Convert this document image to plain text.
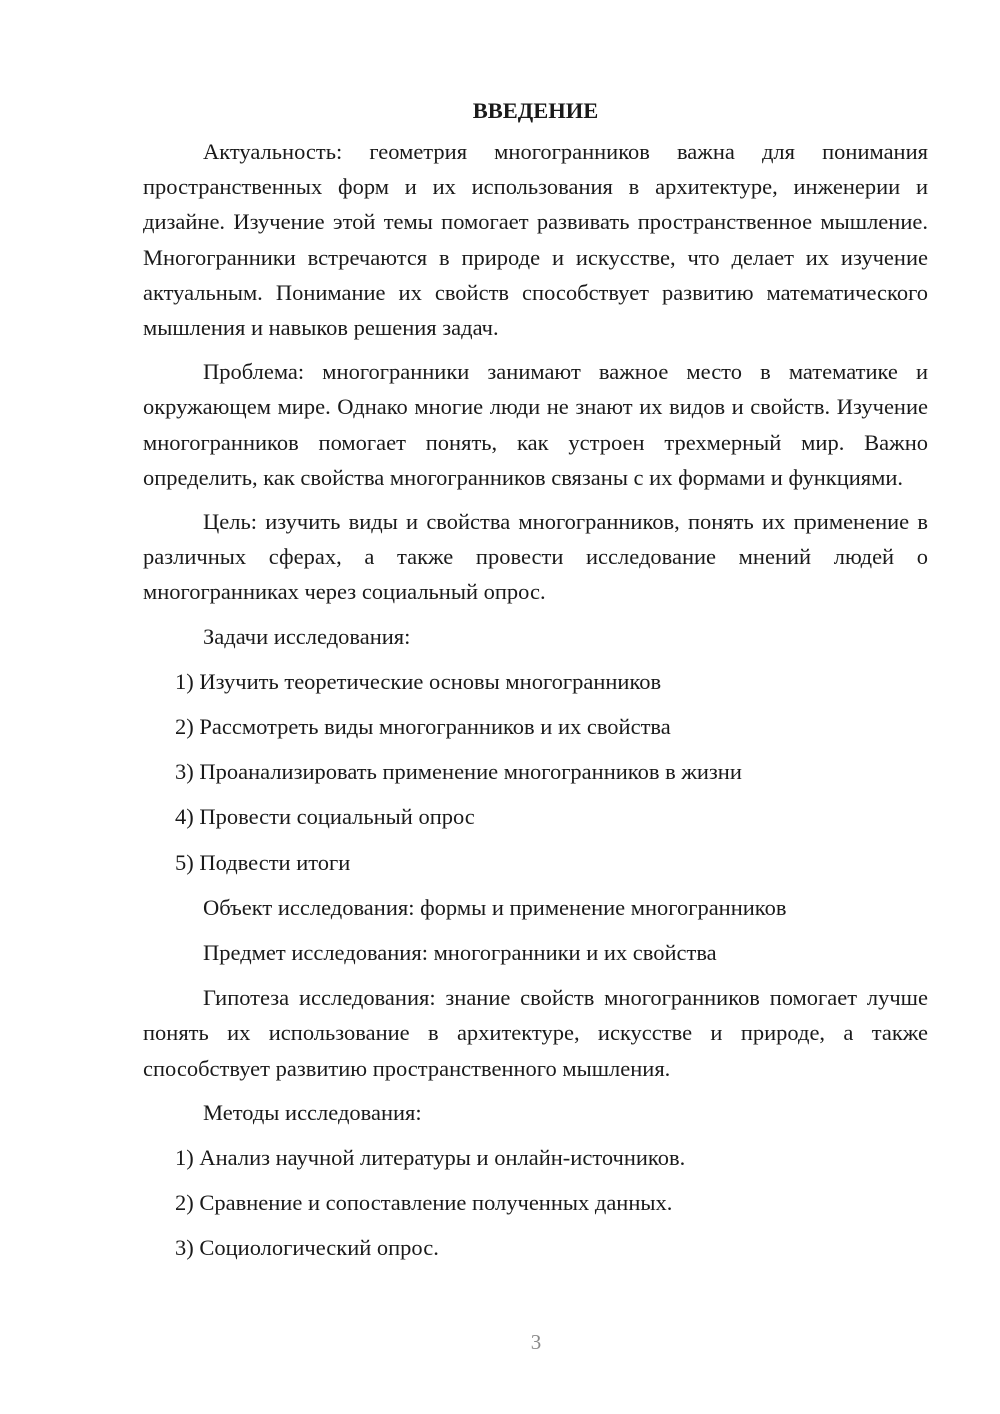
ВВЕДЕНИЕ
Актуальность: геометрия многогранников важна для понимания пространственных форм и их использования в архитектуре, инженерии и дизайне. Изучение этой темы помогает развивать пространственное мышление. Многогранники встречаются в природе и искусстве, что делает их изучение актуальным. Понимание их свойств способствует развитию математического мышления и навыков решения задач.
Проблема: многогранники занимают важное место в математике и окружающем мире. Однако многие люди не знают их видов и свойств. Изучение многогранников помогает понять, как устроен трехмерный мир. Важно определить, как свойства многогранников связаны с их формами и функциями.
Цель: изучить виды и свойства многогранников, понять их применение в различных сферах, а также провести исследование мнений людей о многогранниках через социальный опрос.
Задачи исследования:
1) Изучить теоретические основы многогранников
2) Рассмотреть виды многогранников и их свойства
3) Проанализировать применение многогранников в жизни
4) Провести социальный опрос
5) Подвести итоги
Объект исследования: формы и применение многогранников
Предмет исследования: многогранники и их свойства
Гипотеза исследования: знание свойств многогранников помогает лучше понять их использование в архитектуре, искусстве и природе, а также способствует развитию пространственного мышления.
Методы исследования:
1) Анализ научной литературы и онлайн-источников.
2) Сравнение и сопоставление полученных данных.
3) Социологический опрос.
3
